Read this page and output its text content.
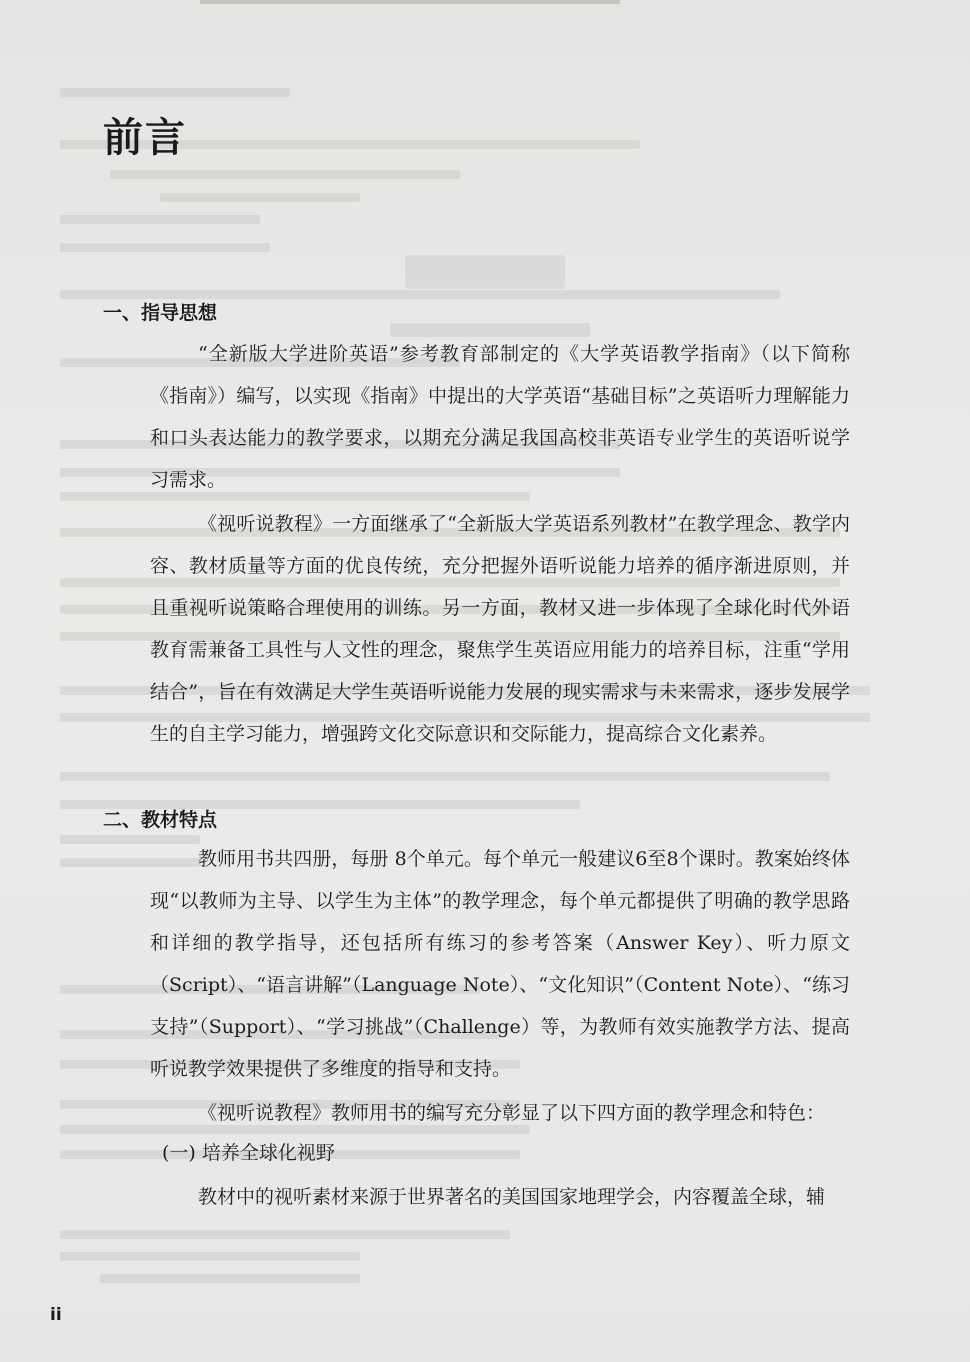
前言
一、指导思想

“全新版大学进阶英语”参考教育部制定的《大学英语教学指南》（以下简称《指南》）编写，以实现《指南》中提出的大学英语“基础目标”之英语听力理解能力和口头表达能力的教学要求，以期充分满足我国高校非英语专业学生的英语听说学习需求。

《视听说教程》一方面继承了“全新版大学英语系列教材”在教学理念、教学内容、教材质量等方面的优良传统，充分把握外语听说能力培养的循序渐进原则，并且重视听说策略合理使用的训练。另一方面，教材又进一步体现了全球化时代外语教育需兼备工具性与人文性的理念，聚焦学生英语应用能力的培养目标，注重“学用结合”，旨在有效满足大学生英语听说能力发展的现实需求与未来需求，逐步发展学生的自主学习能力，增强跨文化交际意识和交际能力，提高综合文化素养。

二、教材特点

教师用书共四册，每册 8个单元。每个单元一般建议6至8个课时。教案始终体现“以教师为主导、以学生为主体”的教学理念，每个单元都提供了明确的教学思路和详细的教学指导，还包括所有练习的参考答案（Answer Key）、听力原文（Script）、“语言讲解”（Language Note）、“文化知识”（Content Note）、“练习支持”（Support）、“学习挑战”（Challenge）等，为教师有效实施教学方法、提高听说教学效果提供了多维度的指导和支持。

《视听说教程》教师用书的编写充分彰显了以下四方面的教学理念和特色：

(一) 培养全球化视野

教材中的视听素材来源于世界著名的美国国家地理学会，内容覆盖全球，辅

ii
